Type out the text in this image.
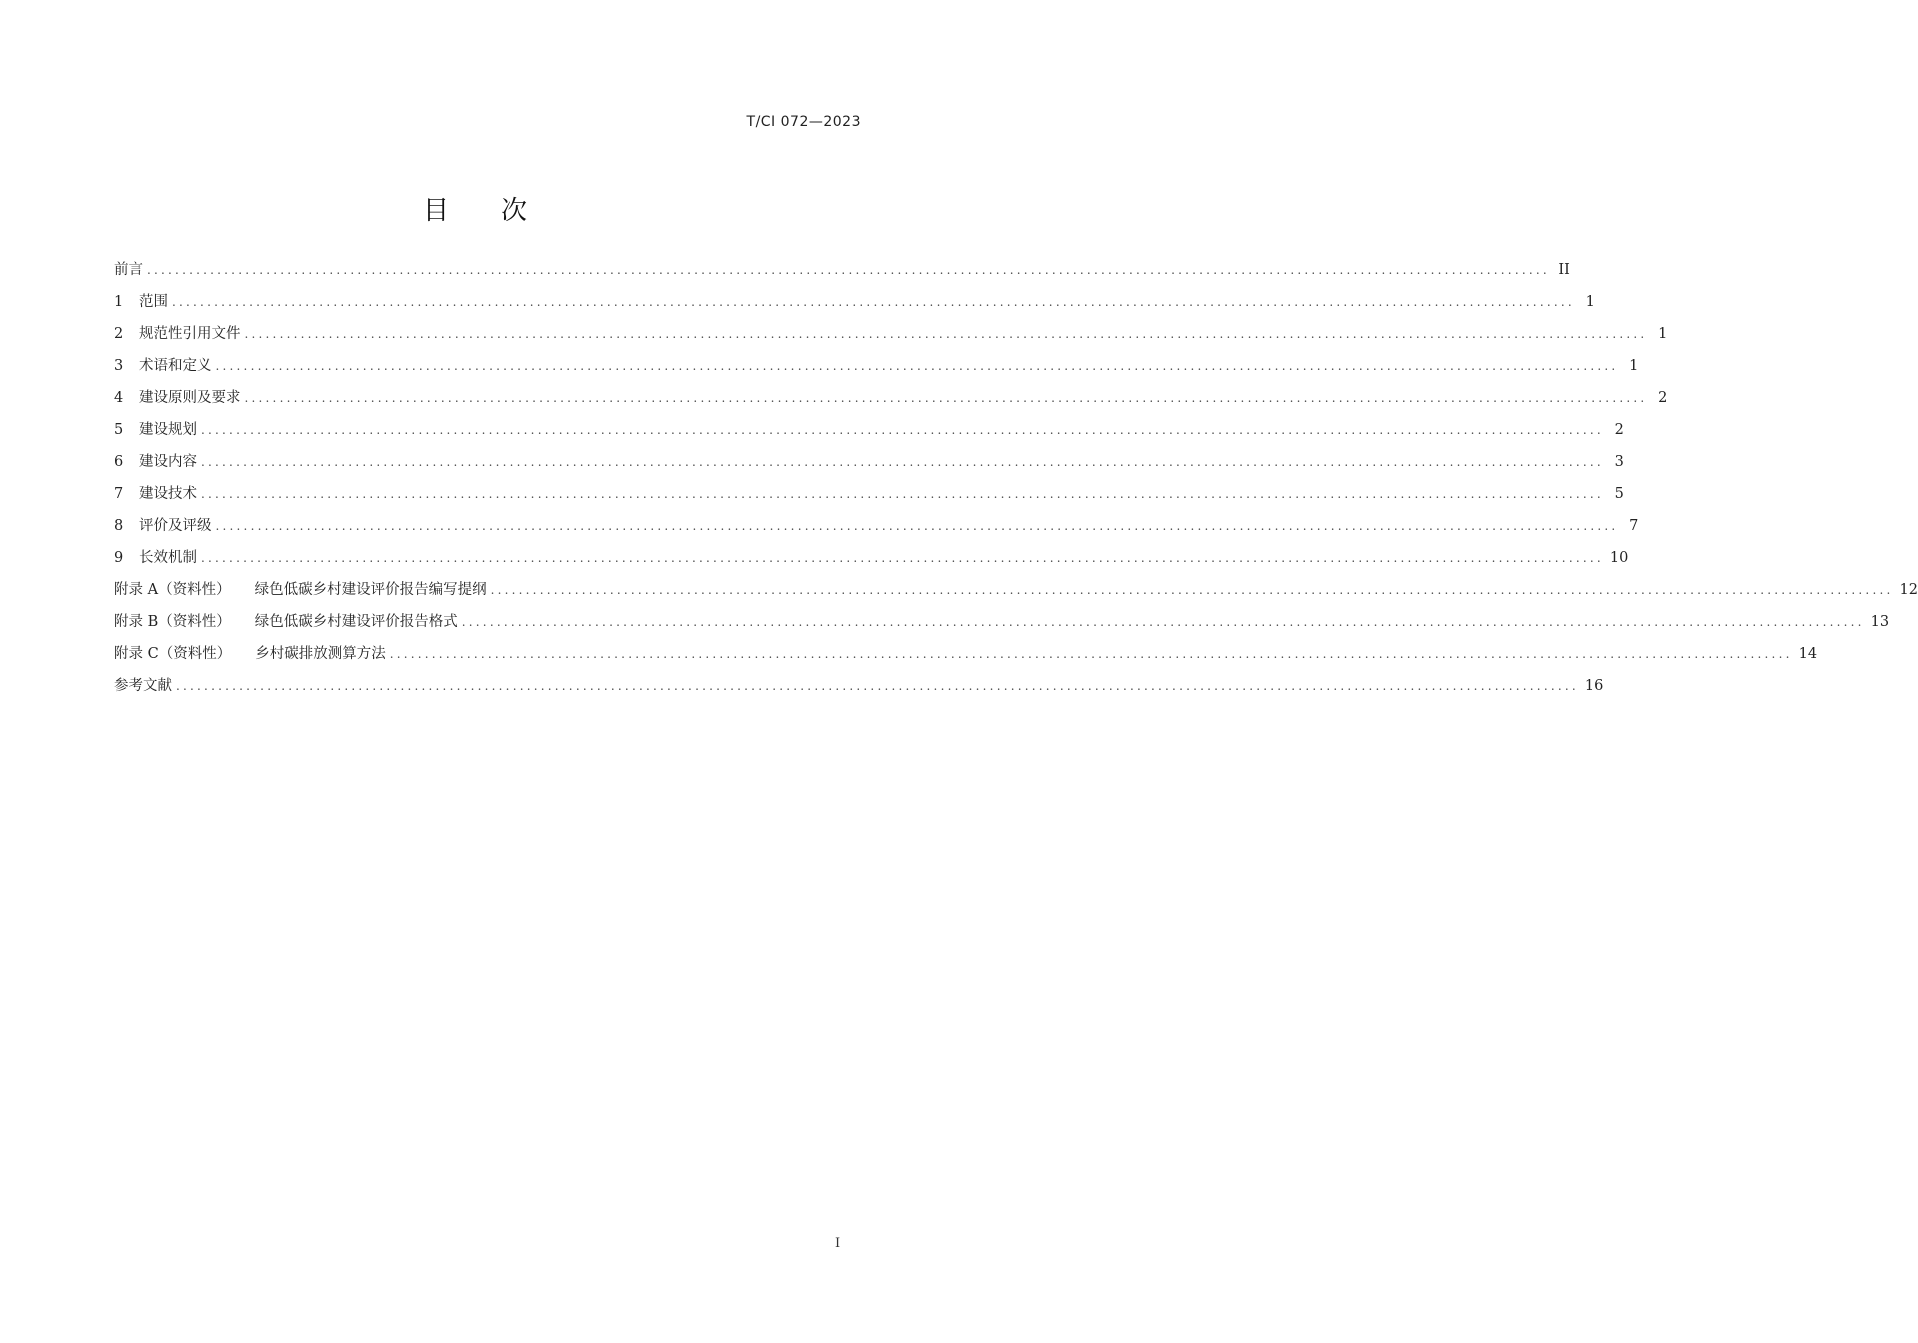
T/CI 072—2023
目次
前言 ........................................................................................................................................................................................................ II
1	范围 ........................................................................................................................................................................................................ 1
2	规范性引用文件 ........................................................................................................................................................................................................ 1
3	术语和定义 ........................................................................................................................................................................................................ 1
4	建设原则及要求 ........................................................................................................................................................................................................ 2
5	建设规划 ........................................................................................................................................................................................................ 2
6	建设内容 ........................................................................................................................................................................................................ 3
7	建设技术 ........................................................................................................................................................................................................ 5
8	评价及评级 ........................................................................................................................................................................................................ 7
9	长效机制 ........................................................................................................................................................................................................ 10
附录 A（资料性） 绿色低碳乡村建设评价报告编写提纲 ........................................................................................................................................................................................................ 12
附录 B（资料性） 绿色低碳乡村建设评价报告格式 ........................................................................................................................................................................................................ 13
附录 C（资料性） 乡村碳排放测算方法 ........................................................................................................................................................................................................ 14
参考文献 ........................................................................................................................................................................................................ 16
I
